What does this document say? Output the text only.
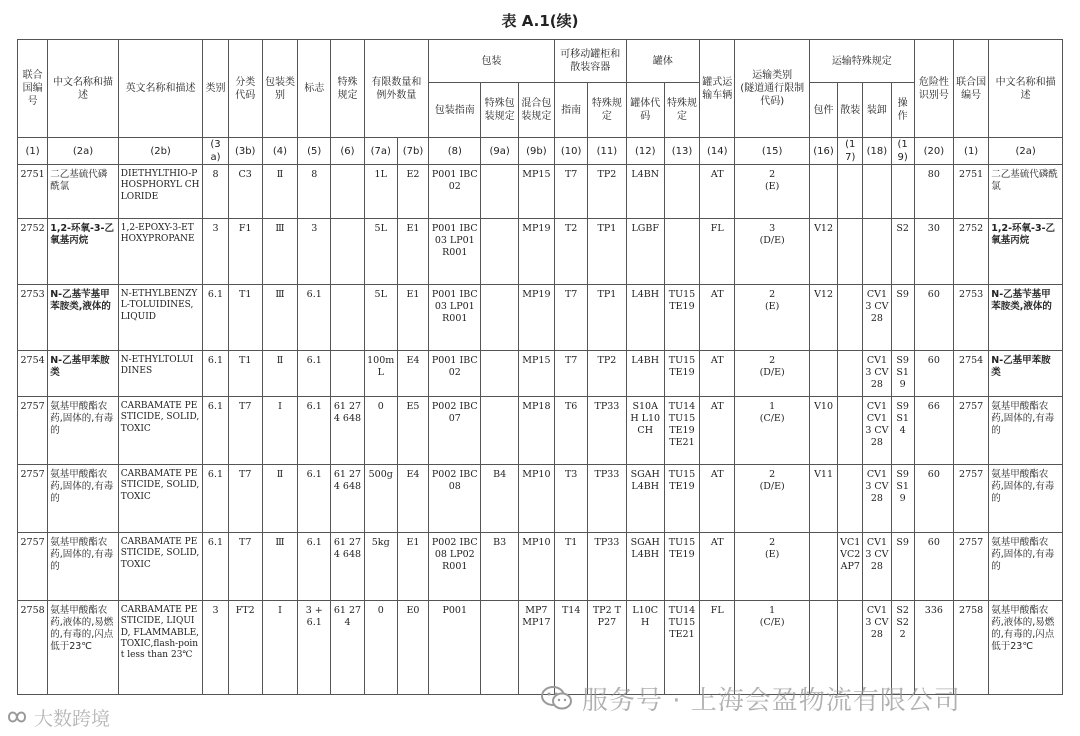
表 A.1(续)
联合国编号	中文名称和描述	英文名称和描述	类别	分类代码	包装类别	标志	特殊规定	有限数量和例外数量		包装			可移动罐柜和散装容器		罐体		罐式运输车辆	运输类别
(隧道通行限制代码)	运输特殊规定				危险性识别号	联合国编号	中文名称和描述
										包装指南	特殊包装规定	混合包装规定	指南	特殊规定	罐体代码	特殊规定			包件	散装	装卸	操作			
(1)	(2a)	(2b)	(3a)	(3b)	(4)	(5)	(6)	(7a)	(7b)	(8)	(9a)	(9b)	(10)	(11)	(12)	(13)	(14)	(15)	(16)	(17)	(18)	(19)	(20)	(1)	(2a)
2751	二乙基硫代磷酰氯	DIETHYLTHIO-PHOSPHORYL CHLORIDE	8	C3	Ⅱ	8		1L	E2	P001 IBC02		MP15	T7	TP2	L4BN		AT	2
(E)					80	2751	二乙基硫代磷酰氯
2752	1,2-环氧-3-乙氧基丙烷	1,2-EPOXY-3-ETHOXYPROPANE	3	F1	Ⅲ	3		5L	E1	P001 IBC03 LP01 R001		MP19	T2	TP1	LGBF		FL	3
(D/E)	V12			S2	30	2752	1,2-环氧-3-乙氧基丙烷
2753	N-乙基苄基甲苯胺类,液体的	N-ETHYLBENZYL-TOLUIDINES, LIQUID	6.1	T1	Ⅲ	6.1		5L	E1	P001 IBC03 LP01 R001		MP19	T7	TP1	L4BH	TU15 TE19	AT	2
(E)	V12		CV13 CV28	S9	60	2753	N-乙基苄基甲苯胺类,液体的
2754	N-乙基甲苯胺类	N-ETHYLTOLUIDINES	6.1	T1	Ⅱ	6.1		100mL	E4	P001 IBC02		MP15	T7	TP2	L4BH	TU15 TE19	AT	2
(D/E)			CV13 CV28	S9 S19	60	2754	N-乙基甲苯胺类
2757	氨基甲酸酯农药,固体的,有毒的	CARBAMATE PESTICIDE, SOLID,TOXIC	6.1	T7	Ⅰ	6.1	61 274 648	0	E5	P002 IBC07		MP18	T6	TP33	S10AH L10CH	TU14 TU15 TE19 TE21	AT	1
(C/E)	V10		CV1 CV13 CV28	S9 S14	66	2757	氨基甲酸酯农药,固体的,有毒的
2757	氨基甲酸酯农药,固体的,有毒的	CARBAMATE PESTICIDE, SOLID,TOXIC	6.1	T7	Ⅱ	6.1	61 274 648	500g	E4	P002 IBC08	B4	MP10	T3	TP33	SGAH L4BH	TU15 TE19	AT	2
(D/E)	V11		CV13 CV28	S9 S19	60	2757	氨基甲酸酯农药,固体的,有毒的
2757	氨基甲酸酯农药,固体的,有毒的	CARBAMATE PESTICIDE, SOLID,TOXIC	6.1	T7	Ⅲ	6.1	61 274 648	5kg	E1	P002 IBC08 LP02 R001	B3	MP10	T1	TP33	SGAH L4BH	TU15 TE19	AT	2
(E)		VC1 VC2 AP7	CV13 CV28	S9	60	2757	氨基甲酸酯农药,固体的,有毒的
2758	氨基甲酸酯农药,液体的,易燃的,有毒的,闪点低于23℃	CARBAMATE PESTICIDE, LIQUID, FLAMMABLE, TOXIC,flash-point less than 23℃	3	FT2	Ⅰ	3 + 6.1	61 274	0	E0	P001		MP7 MP17	T14	TP2 TP27	L10CH	TU14 TU15 TE21	FL	1
(C/E)			CV13 CV28	S2 S22	336	2758	氨基甲酸酯农药,液体的,易燃的,有毒的,闪点低于23℃
服务号 · 上海会盈物流有限公司
大数跨境
